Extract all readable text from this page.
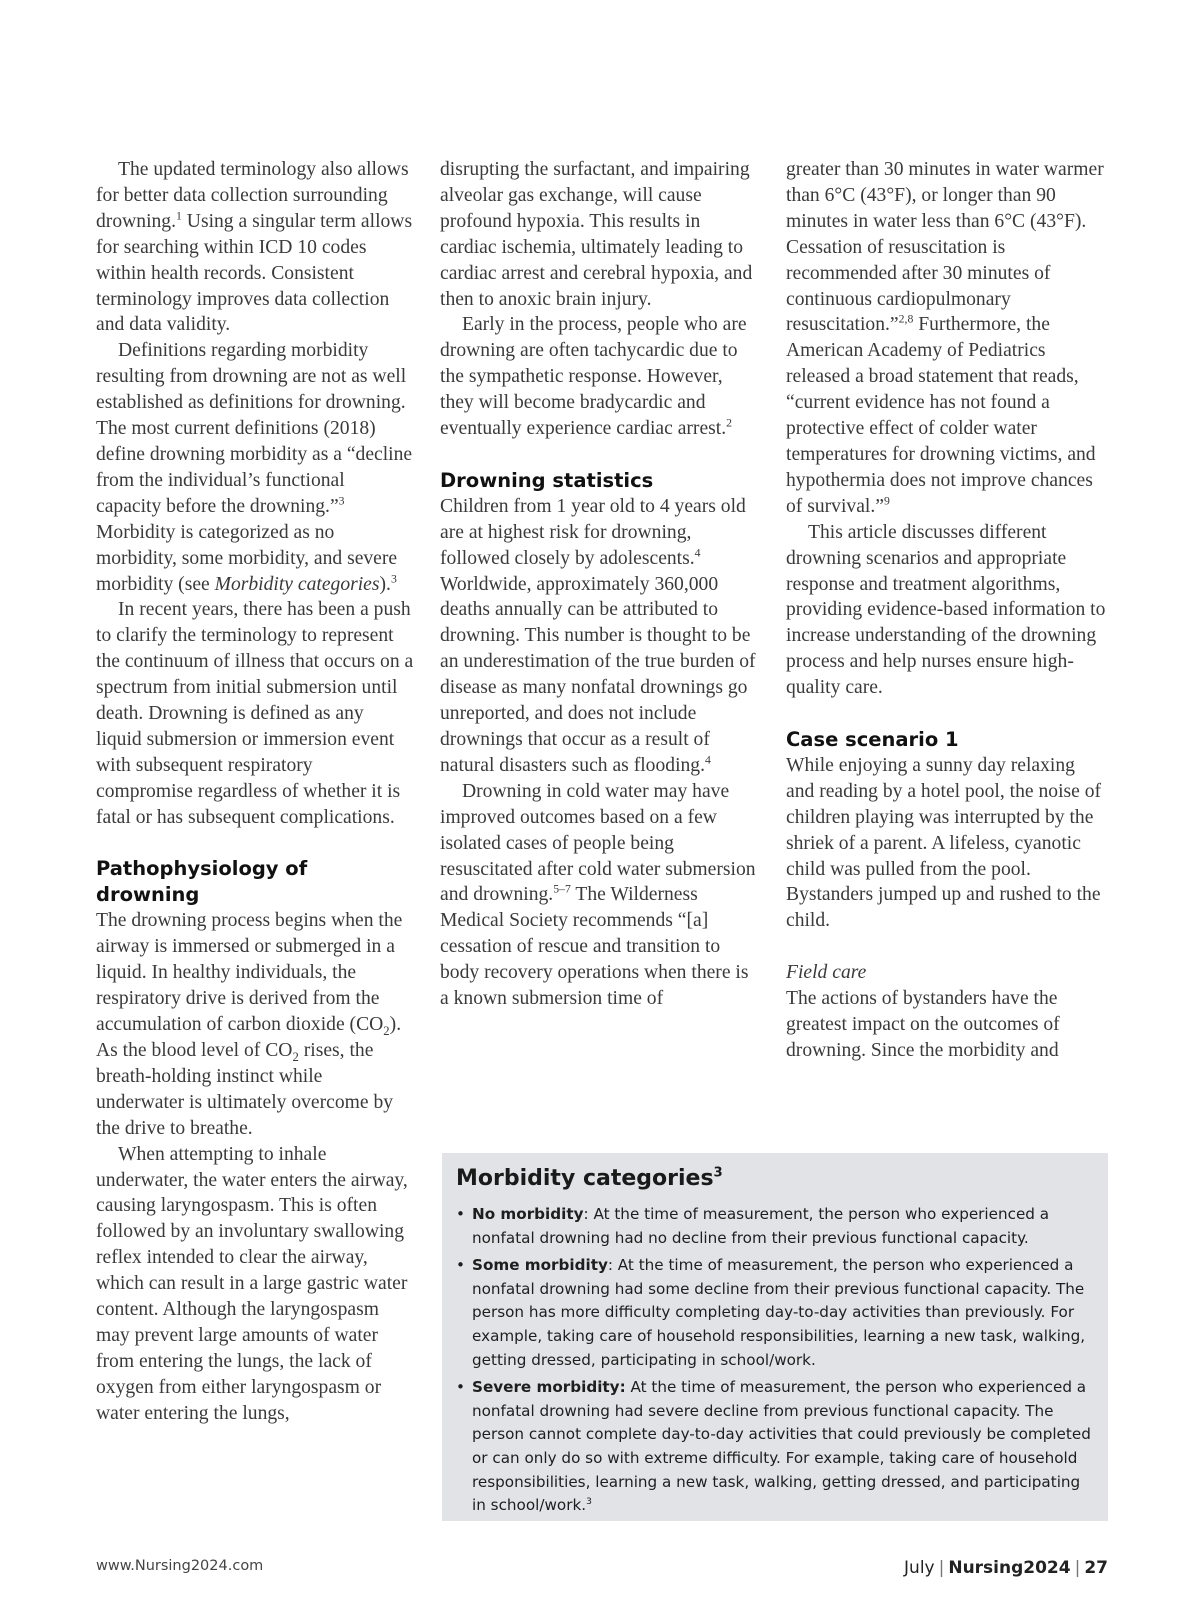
The updated terminology also allows for better data collection surrounding drowning.$^1$ Using a singular term allows for searching within ICD 10 codes within health records. Consistent terminology improves data collection and data validity.

Definitions regarding morbidity resulting from drowning are not as well established as definitions for drowning. The most current definitions (2018) define drowning morbidity as a “decline from the individual’s functional capacity before the drowning.”$^3$ Morbidity is categorized as no morbidity, some morbidity, and severe morbidity (see Morbidity categories).$^3$

In recent years, there has been a push to clarify the terminology to represent the continuum of illness that occurs on a spectrum from initial submersion until death. Drowning is defined as any liquid submersion or immersion event with subsequent respiratory compromise regardless of whether it is fatal or has subsequent complications.

Pathophysiology of drowning

The drowning process begins when the airway is immersed or submerged in a liquid. In healthy individuals, the respiratory drive is derived from the accumulation of carbon dioxide $(CO_2)$. As the blood level of $CO_2$ rises, the breath-holding instinct while underwater is ultimately overcome by the drive to breathe.

When attempting to inhale underwater, the water enters the airway, causing laryngospasm. This is often followed by an involuntary swallowing reflex intended to clear the airway, which can result in a large gastric water content. Although the laryngospasm may prevent large amounts of water from entering the lungs, the lack of oxygen from either laryngospasm or water entering the lungs,

disrupting the surfactant, and impairing alveolar gas exchange, will cause profound hypoxia. This results in cardiac ischemia, ultimately leading to cardiac arrest and cerebral hypoxia, and then to anoxic brain injury.

Early in the process, people who are drowning are often tachycardic due to the sympathetic response. However, they will become bradycardic and eventually experience cardiac arrest.$^2$

Drowning statistics

Children from 1 year old to 4 years old are at highest risk for drowning, followed closely by adolescents.$^4$ Worldwide, approximately 360,000 deaths annually can be attributed to drowning. This number is thought to be an underestimation of the true burden of disease as many nonfatal drownings go unreported, and does not include drownings that occur as a result of natural disasters such as flooding.$^4$

Drowning in cold water may have improved outcomes based on a few isolated cases of people being resuscitated after cold water submersion and drowning.$^{5-7}$ The Wilderness Medical Society recommends “[a] cessation of rescue and transition to body recovery operations when there is a known submersion time of

greater than 30 minutes in water warmer than 6°C (43°F), or longer than 90 minutes in water less than 6°C (43°F). Cessation of resuscitation is recommended after 30 minutes of continuous cardiopulmonary resuscitation.”$^{2,8}$ Furthermore, the American Academy of Pediatrics released a broad statement that reads, “current evidence has not found a protective effect of colder water temperatures for drowning victims, and hypothermia does not improve chances of survival.”$^9$

This article discusses different drowning scenarios and appropriate response and treatment algorithms, providing evidence-based information to increase understanding of the drowning process and help nurses ensure high-quality care.

Case scenario 1

While enjoying a sunny day relaxing and reading by a hotel pool, the noise of children playing was interrupted by the shriek of a parent. A lifeless, cyanotic child was pulled from the pool. Bystanders jumped up and rushed to the child.

Field care

The actions of bystanders have the greatest impact on the outcomes of drowning. Since the morbidity and

Morbidity categories$^3$
• No morbidity: At the time of measurement, the person who experienced a nonfatal drowning had no decline from their previous functional capacity.
• Some morbidity: At the time of measurement, the person who experienced a nonfatal drowning had some decline from their previous functional capacity. The person has more difficulty completing day-to-day activities than previously. For example, taking care of household responsibilities, learning a new task, walking, getting dressed, participating in school/work.
• Severe morbidity: At the time of measurement, the person who experienced a nonfatal drowning had severe decline from previous functional capacity. The person cannot complete day-to-day activities that could previously be completed or can only do so with extreme difficulty. For example, taking care of household responsibilities, learning a new task, walking, getting dressed, and participating in school/work.$^3$
www.Nursing2024.com	July | Nursing2024 | 27
